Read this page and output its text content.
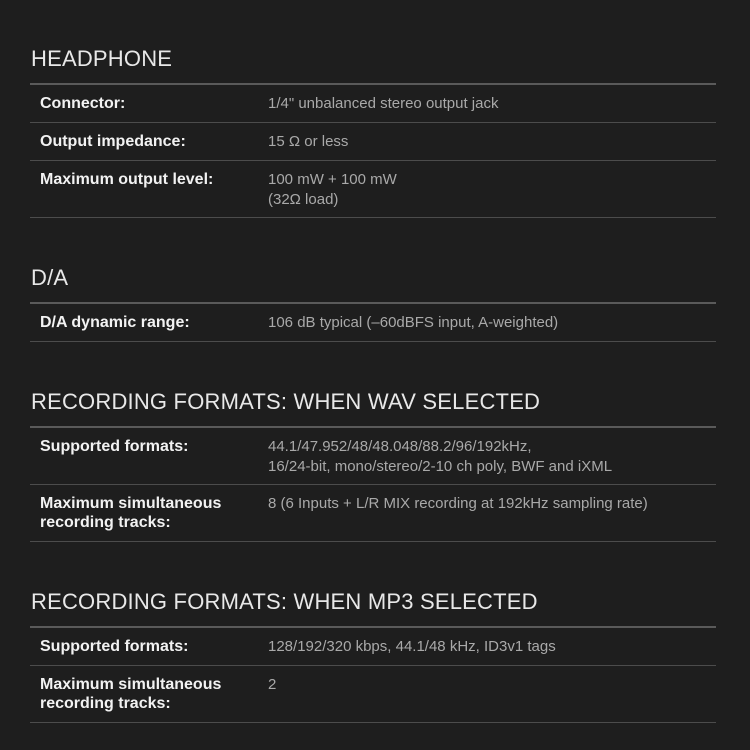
HEADPHONE
Connector:	1/4" unbalanced stereo output jack
Output impedance:	15 Ω or less
Maximum output level:	100 mW + 100 mW
(32Ω load)
D/A
D/A dynamic range:	106 dB typical (–60dBFS input, A-weighted)
RECORDING FORMATS: WHEN WAV SELECTED
Supported formats:	44.1/47.952/48/48.048/88.2/96/192kHz,
16/24-bit, mono/stereo/2-10 ch poly, BWF and iXML
Maximum simultaneous
recording tracks:
8 (6 Inputs + L/R MIX recording at 192kHz sampling rate)
RECORDING FORMATS: WHEN MP3 SELECTED
Supported formats:	128/192/320 kbps, 44.1/48 kHz, ID3v1 tags
Maximum simultaneous
recording tracks:
2
